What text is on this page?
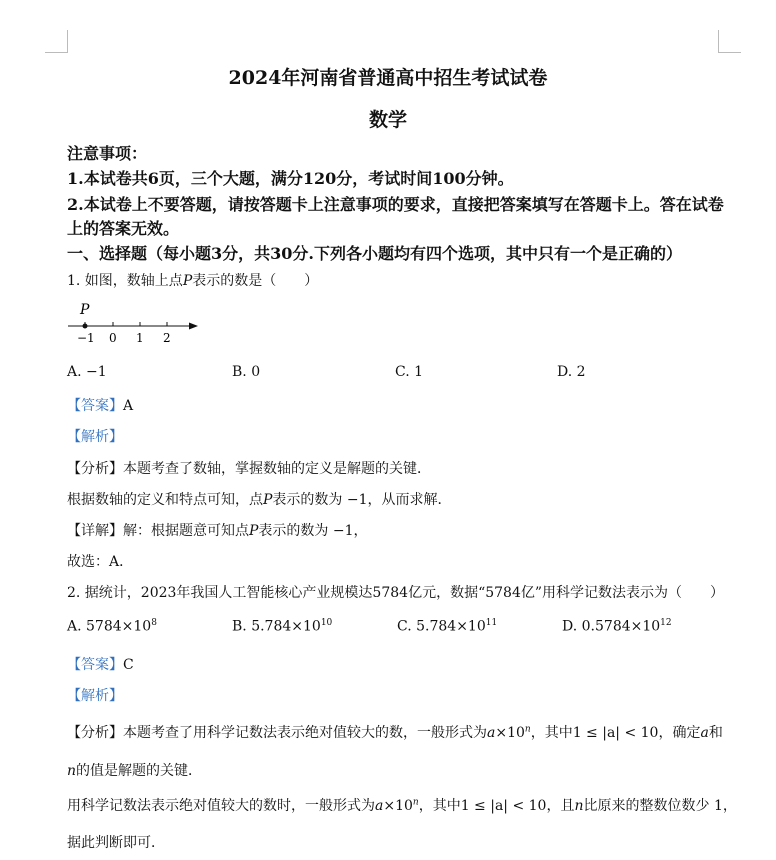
2024年河南省普通高中招生考试试卷
数学
注意事项：
1.本试卷共6页，三个大题，满分120分，考试时间100分钟。
2.本试卷上不要答题，请按答题卡上注意事项的要求，直接把答案填写在答题卡上。答在试卷
上的答案无效。
一、选择题（每小题3分，共30分.下列各小题均有四个选项，其中只有一个是正确的）
1. 如图，数轴上点P表示的数是（　　）
P
−1 0 1 2
A. −1	B. 0	C. 1	D. 2
【答案】A
【解析】
【分析】本题考查了数轴，掌握数轴的定义是解题的关键．
根据数轴的定义和特点可知，点P表示的数为 −1，从而求解．
【详解】解：根据题意可知点P表示的数为 −1，
故选：A．
2. 据统计，2023年我国人工智能核心产业规模达5784亿元，数据“5784亿”用科学记数法表示为（　　）
A. $5784\times 10^8$	B. $5.784\times 10^{10}$	C. $5.784\times 10^{11}$	D. $0.5784\times 10^{12}$
【答案】C
【解析】
【分析】本题考查了用科学记数法表示绝对值较大的数，一般形式为$a\times 10^n$，其中1 ≤ |a| < 10，确定a和
n的值是解题的关键．
用科学记数法表示绝对值较大的数时，一般形式为$a\times 10^n$，其中1 ≤ |a| < 10，且n比原来的整数位数少 1，
据此判断即可．
